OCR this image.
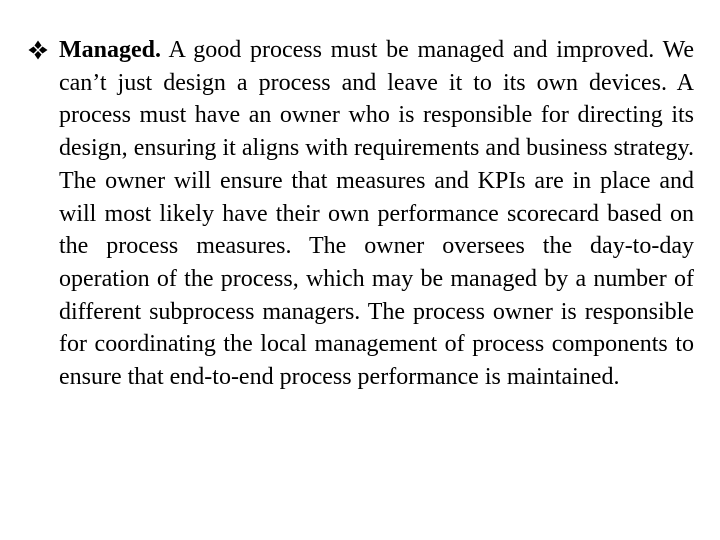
Managed. A good process must be managed and improved. We can’t just design a process and leave it to its own devices. A process must have an owner who is responsible for directing its design, ensuring it aligns with requirements and business strategy. The owner will ensure that measures and KPIs are in place and will most likely have their own performance scorecard based on the process measures. The owner oversees the day-to-day operation of the process, which may be managed by a number of different subprocess managers. The process owner is responsible for coordinating the local management of process components to ensure that end-to-end process performance is maintained.
